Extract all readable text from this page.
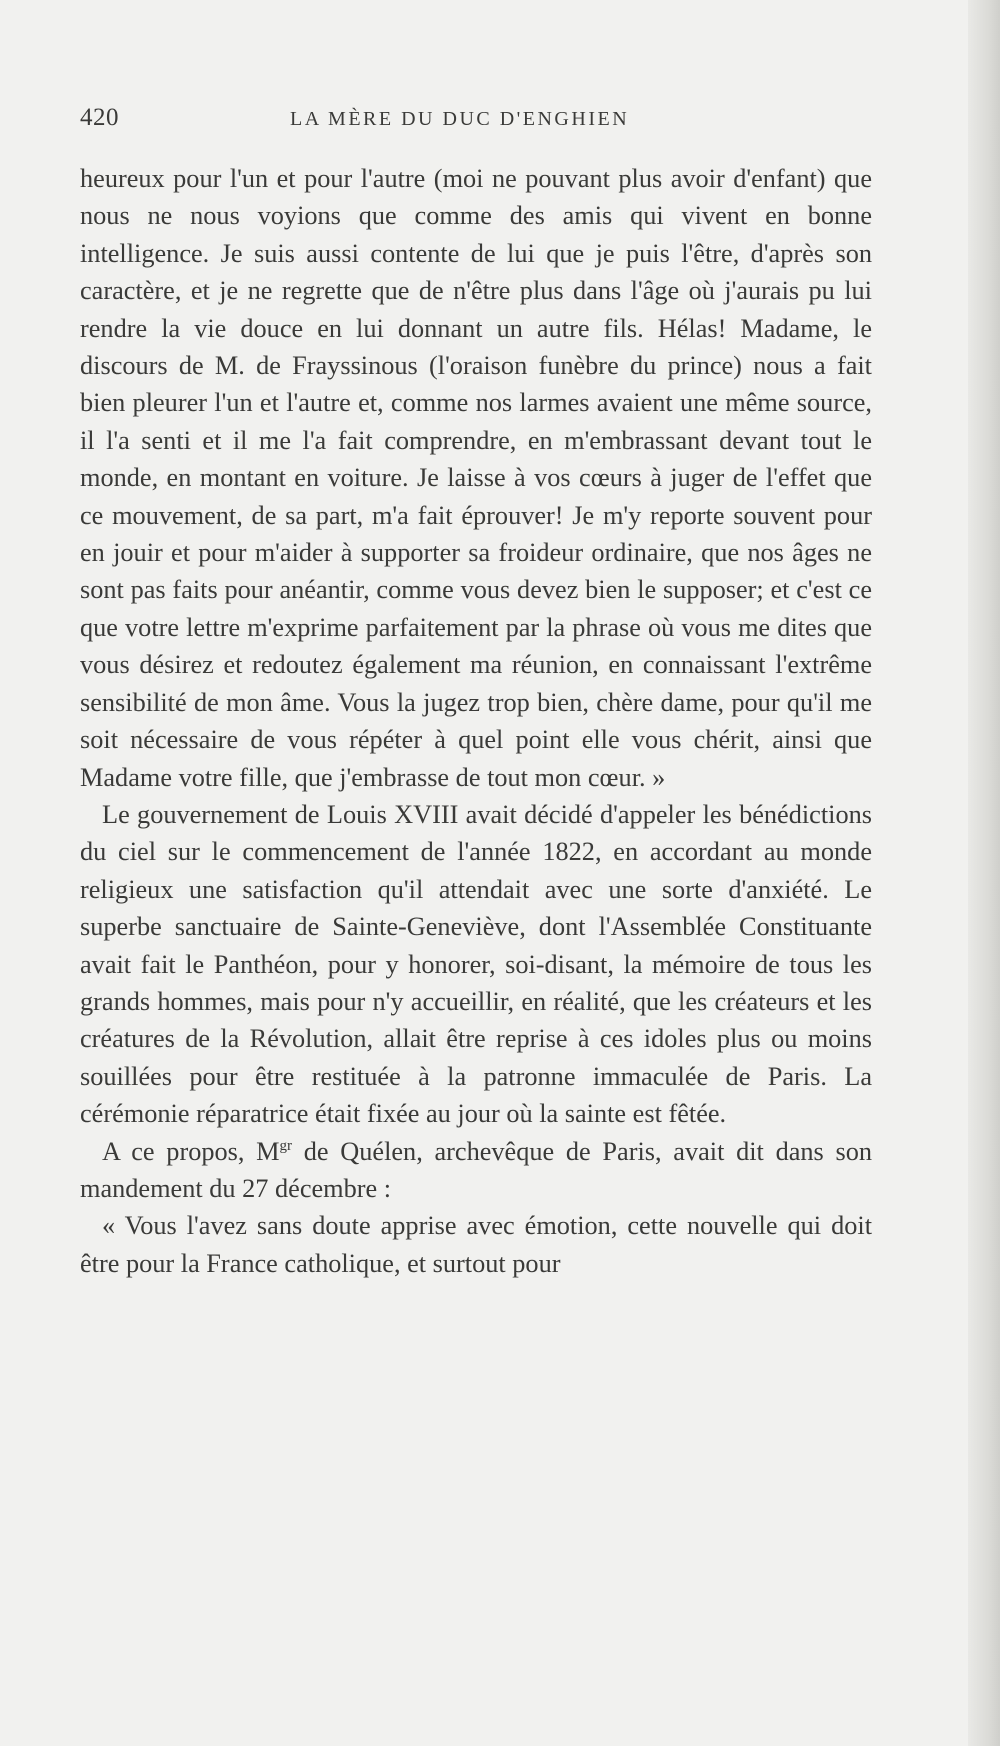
420	LA MÈRE DU DUC D'ENGHIEN

heureux pour l'un et pour l'autre (moi ne pouvant plus avoir d'enfant) que nous ne nous voyions que comme des amis qui vivent en bonne intelligence. Je suis aussi contente de lui que je puis l'être, d'après son caractère, et je ne regrette que de n'être plus dans l'âge où j'aurais pu lui rendre la vie douce en lui donnant un autre fils. Hélas! Madame, le discours de M. de Frayssinous (l'oraison funèbre du prince) nous a fait bien pleurer l'un et l'autre et, comme nos larmes avaient une même source, il l'a senti et il me l'a fait comprendre, en m'embrassant devant tout le monde, en montant en voiture. Je laisse à vos cœurs à juger de l'effet que ce mouvement, de sa part, m'a fait éprouver! Je m'y reporte souvent pour en jouir et pour m'aider à supporter sa froideur ordinaire, que nos âges ne sont pas faits pour anéantir, comme vous devez bien le supposer; et c'est ce que votre lettre m'exprime parfaitement par la phrase où vous me dites que vous désirez et redoutez également ma réunion, en connaissant l'extrême sensibilité de mon âme. Vous la jugez trop bien, chère dame, pour qu'il me soit nécessaire de vous répéter à quel point elle vous chérit, ainsi que Madame votre fille, que j'embrasse de tout mon cœur. »

Le gouvernement de Louis XVIII avait décidé d'appeler les bénédictions du ciel sur le commencement de l'année 1822, en accordant au monde religieux une satisfaction qu'il attendait avec une sorte d'anxiété. Le superbe sanctuaire de Sainte-Geneviève, dont l'Assemblée Constituante avait fait le Panthéon, pour y honorer, soi-disant, la mémoire de tous les grands hommes, mais pour n'y accueillir, en réalité, que les créateurs et les créatures de la Révolution, allait être reprise à ces idoles plus ou moins souillées pour être restituée à la patronne immaculée de Paris. La cérémonie réparatrice était fixée au jour où la sainte est fêtée.

A ce propos, $M^{gr}$ de Quélen, archevêque de Paris, avait dit dans son mandement du 27 décembre :

« Vous l'avez sans doute apprise avec émotion, cette nouvelle qui doit être pour la France catholique, et surtout pour
